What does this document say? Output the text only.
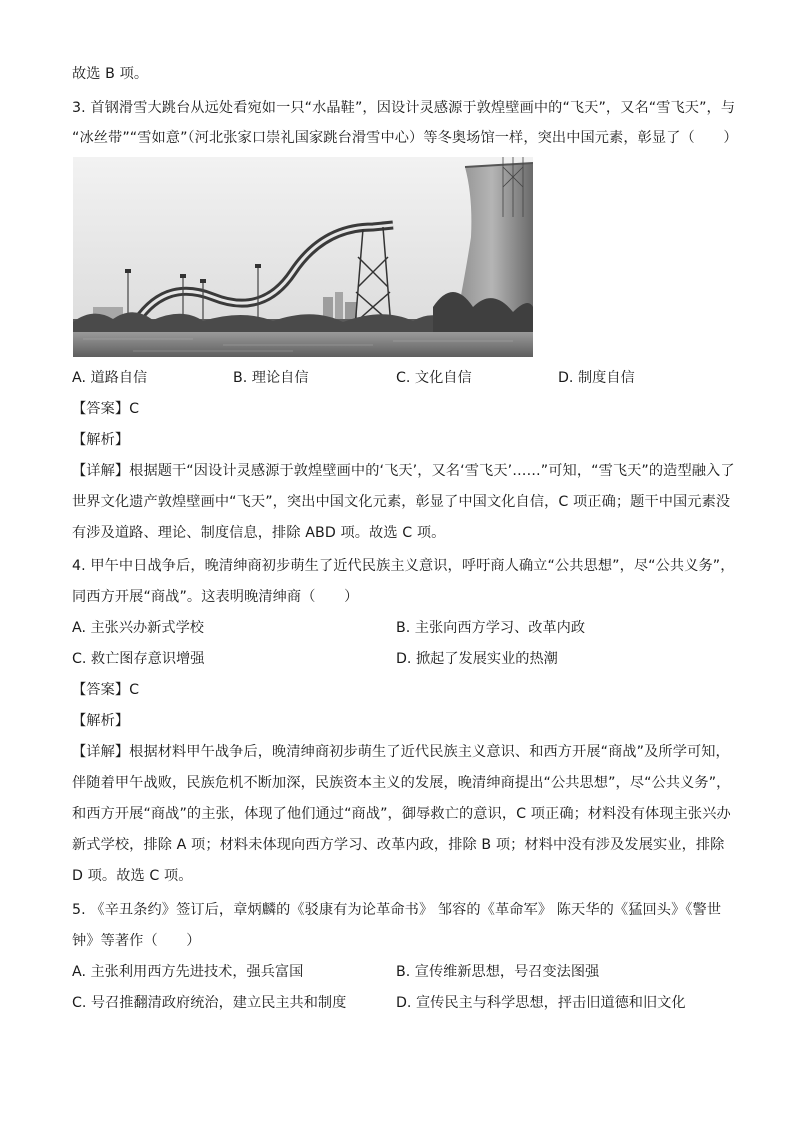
故选 B 项。
3. 首钢滑雪大跳台从远处看宛如一只“水晶鞋”，因设计灵感源于敦煌壁画中的“飞天”，又名“雪飞天”，与
“冰丝带”“雪如意”（河北张家口崇礼国家跳台滑雪中心）等冬奥场馆一样，突出中国元素，彰显了（　　）
A. 道路自信	B. 理论自信	C. 文化自信	D. 制度自信
【答案】C
【解析】
【详解】根据题干“因设计灵感源于敦煌壁画中的‘飞天’，又名‘雪飞天’……”可知，“雪飞天”的造型融入了
世界文化遗产敦煌壁画中“飞天”，突出中国文化元素，彰显了中国文化自信，C 项正确；题干中国元素没
有涉及道路、理论、制度信息，排除 ABD 项。故选 C 项。
4. 甲午中日战争后，晚清绅商初步萌生了近代民族主义意识，呼吁商人确立“公共思想”，尽“公共义务”，
同西方开展“商战”。这表明晚清绅商（　　）
A. 主张兴办新式学校	B. 主张向西方学习、改革内政
C. 救亡图存意识增强	D. 掀起了发展实业的热潮
【答案】C
【解析】
【详解】根据材料甲午战争后，晚清绅商初步萌生了近代民族主义意识、和西方开展“商战”及所学可知，
伴随着甲午战败，民族危机不断加深，民族资本主义的发展，晚清绅商提出“公共思想”，尽“公共义务”，
和西方开展“商战”的主张，体现了他们通过“商战”，御辱救亡的意识，C 项正确；材料没有体现主张兴办
新式学校，排除 A 项；材料未体现向西方学习、改革内政，排除 B 项；材料中没有涉及发展实业，排除
D 项。故选 C 项。
5. 《辛丑条约》签订后，章炳麟的《驳康有为论革命书》 邹容的《革命军》 陈天华的《猛回头》《警世
钟》等著作（　　）
A. 主张利用西方先进技术，强兵富国	B. 宣传维新思想，号召变法图强
C. 号召推翻清政府统治，建立民主共和制度	D. 宣传民主与科学思想，抨击旧道德和旧文化
